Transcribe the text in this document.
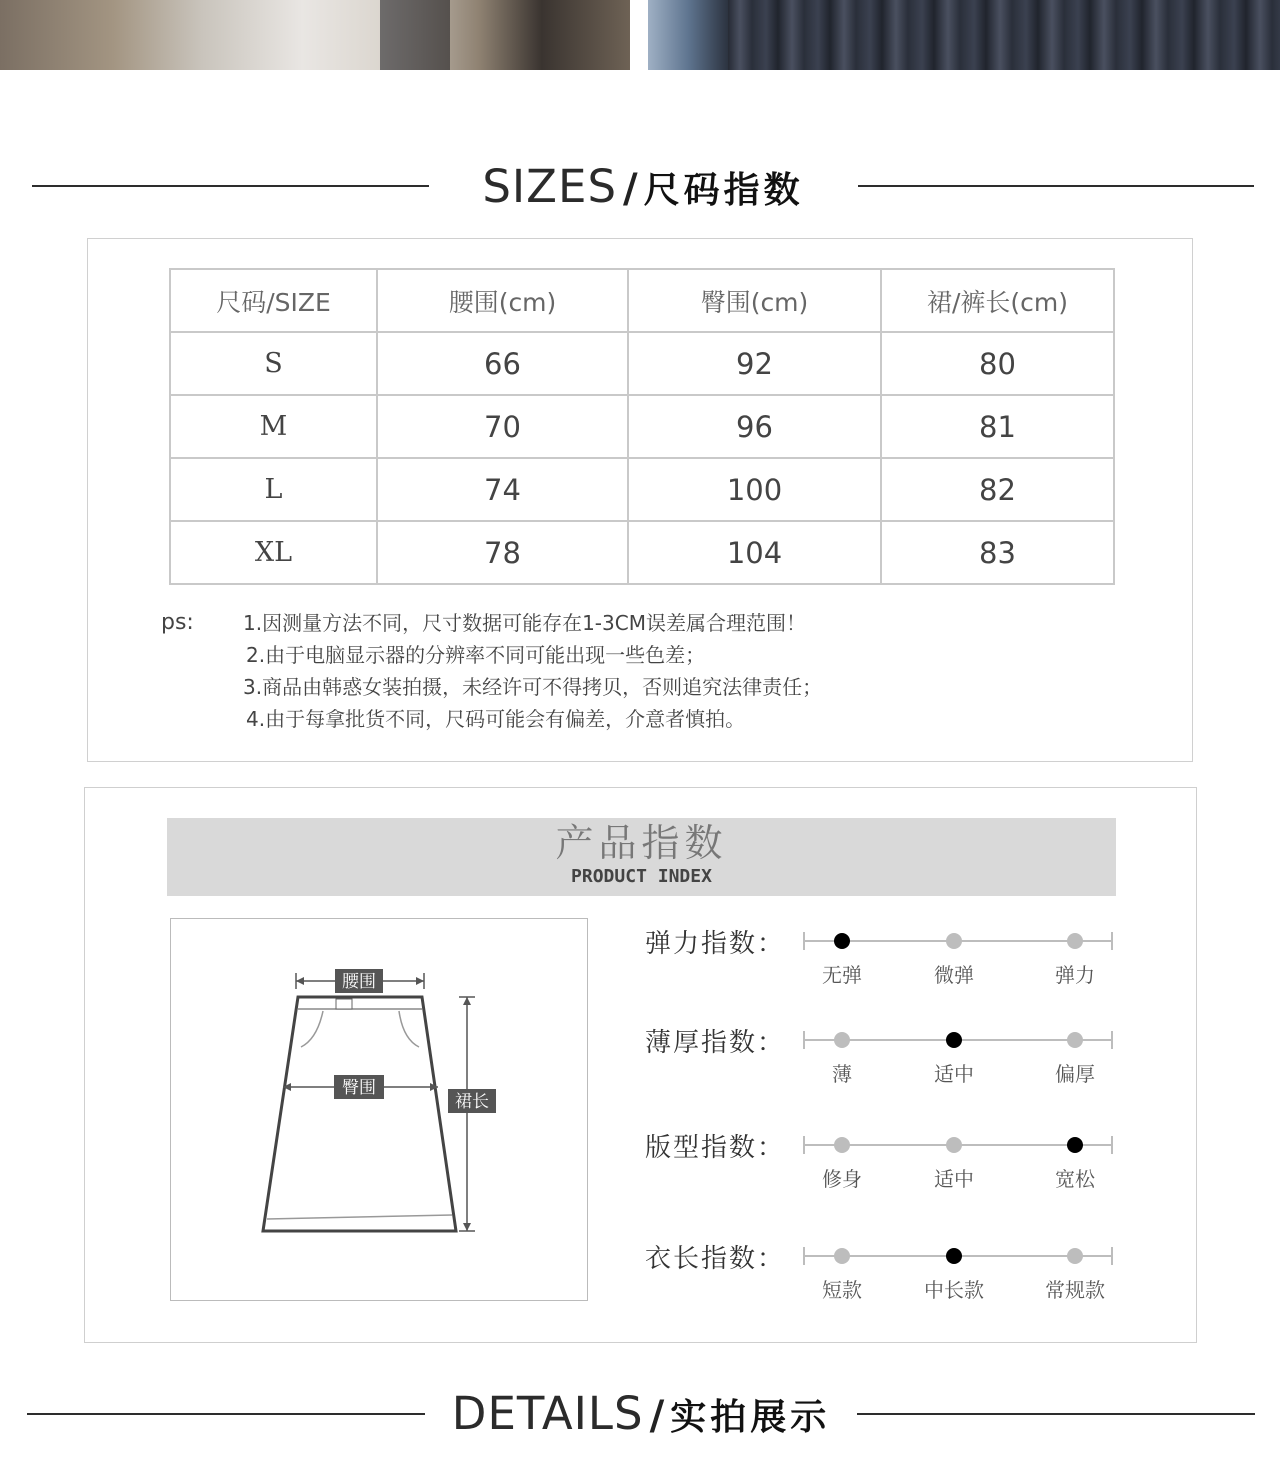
SIZES / 尺码指数
尺码/SIZE	腰围(cm)	臀围(cm)	裙/裤长(cm)
S	66	92	80
M	70	96	81
L	74	100	82
XL	78	104	83
ps: 1.因测量方法不同，尺寸数据可能存在1-3CM误差属合理范围！
2.由于电脑显示器的分辨率不同可能出现一些色差；
3.商品由韩惑女装拍摄，未经许可不得拷贝，否则追究法律责任；
4.由于每拿批货不同，尺码可能会有偏差，介意者慎拍。
产品指数
PRODUCT INDEX
腰围
臀围
裙长
弹力指数：
无弹	微弹	弹力
薄厚指数：
薄	适中	偏厚
版型指数：
修身	适中	宽松
衣长指数：
短款	中长款	常规款
DETAILS / 实拍展示
